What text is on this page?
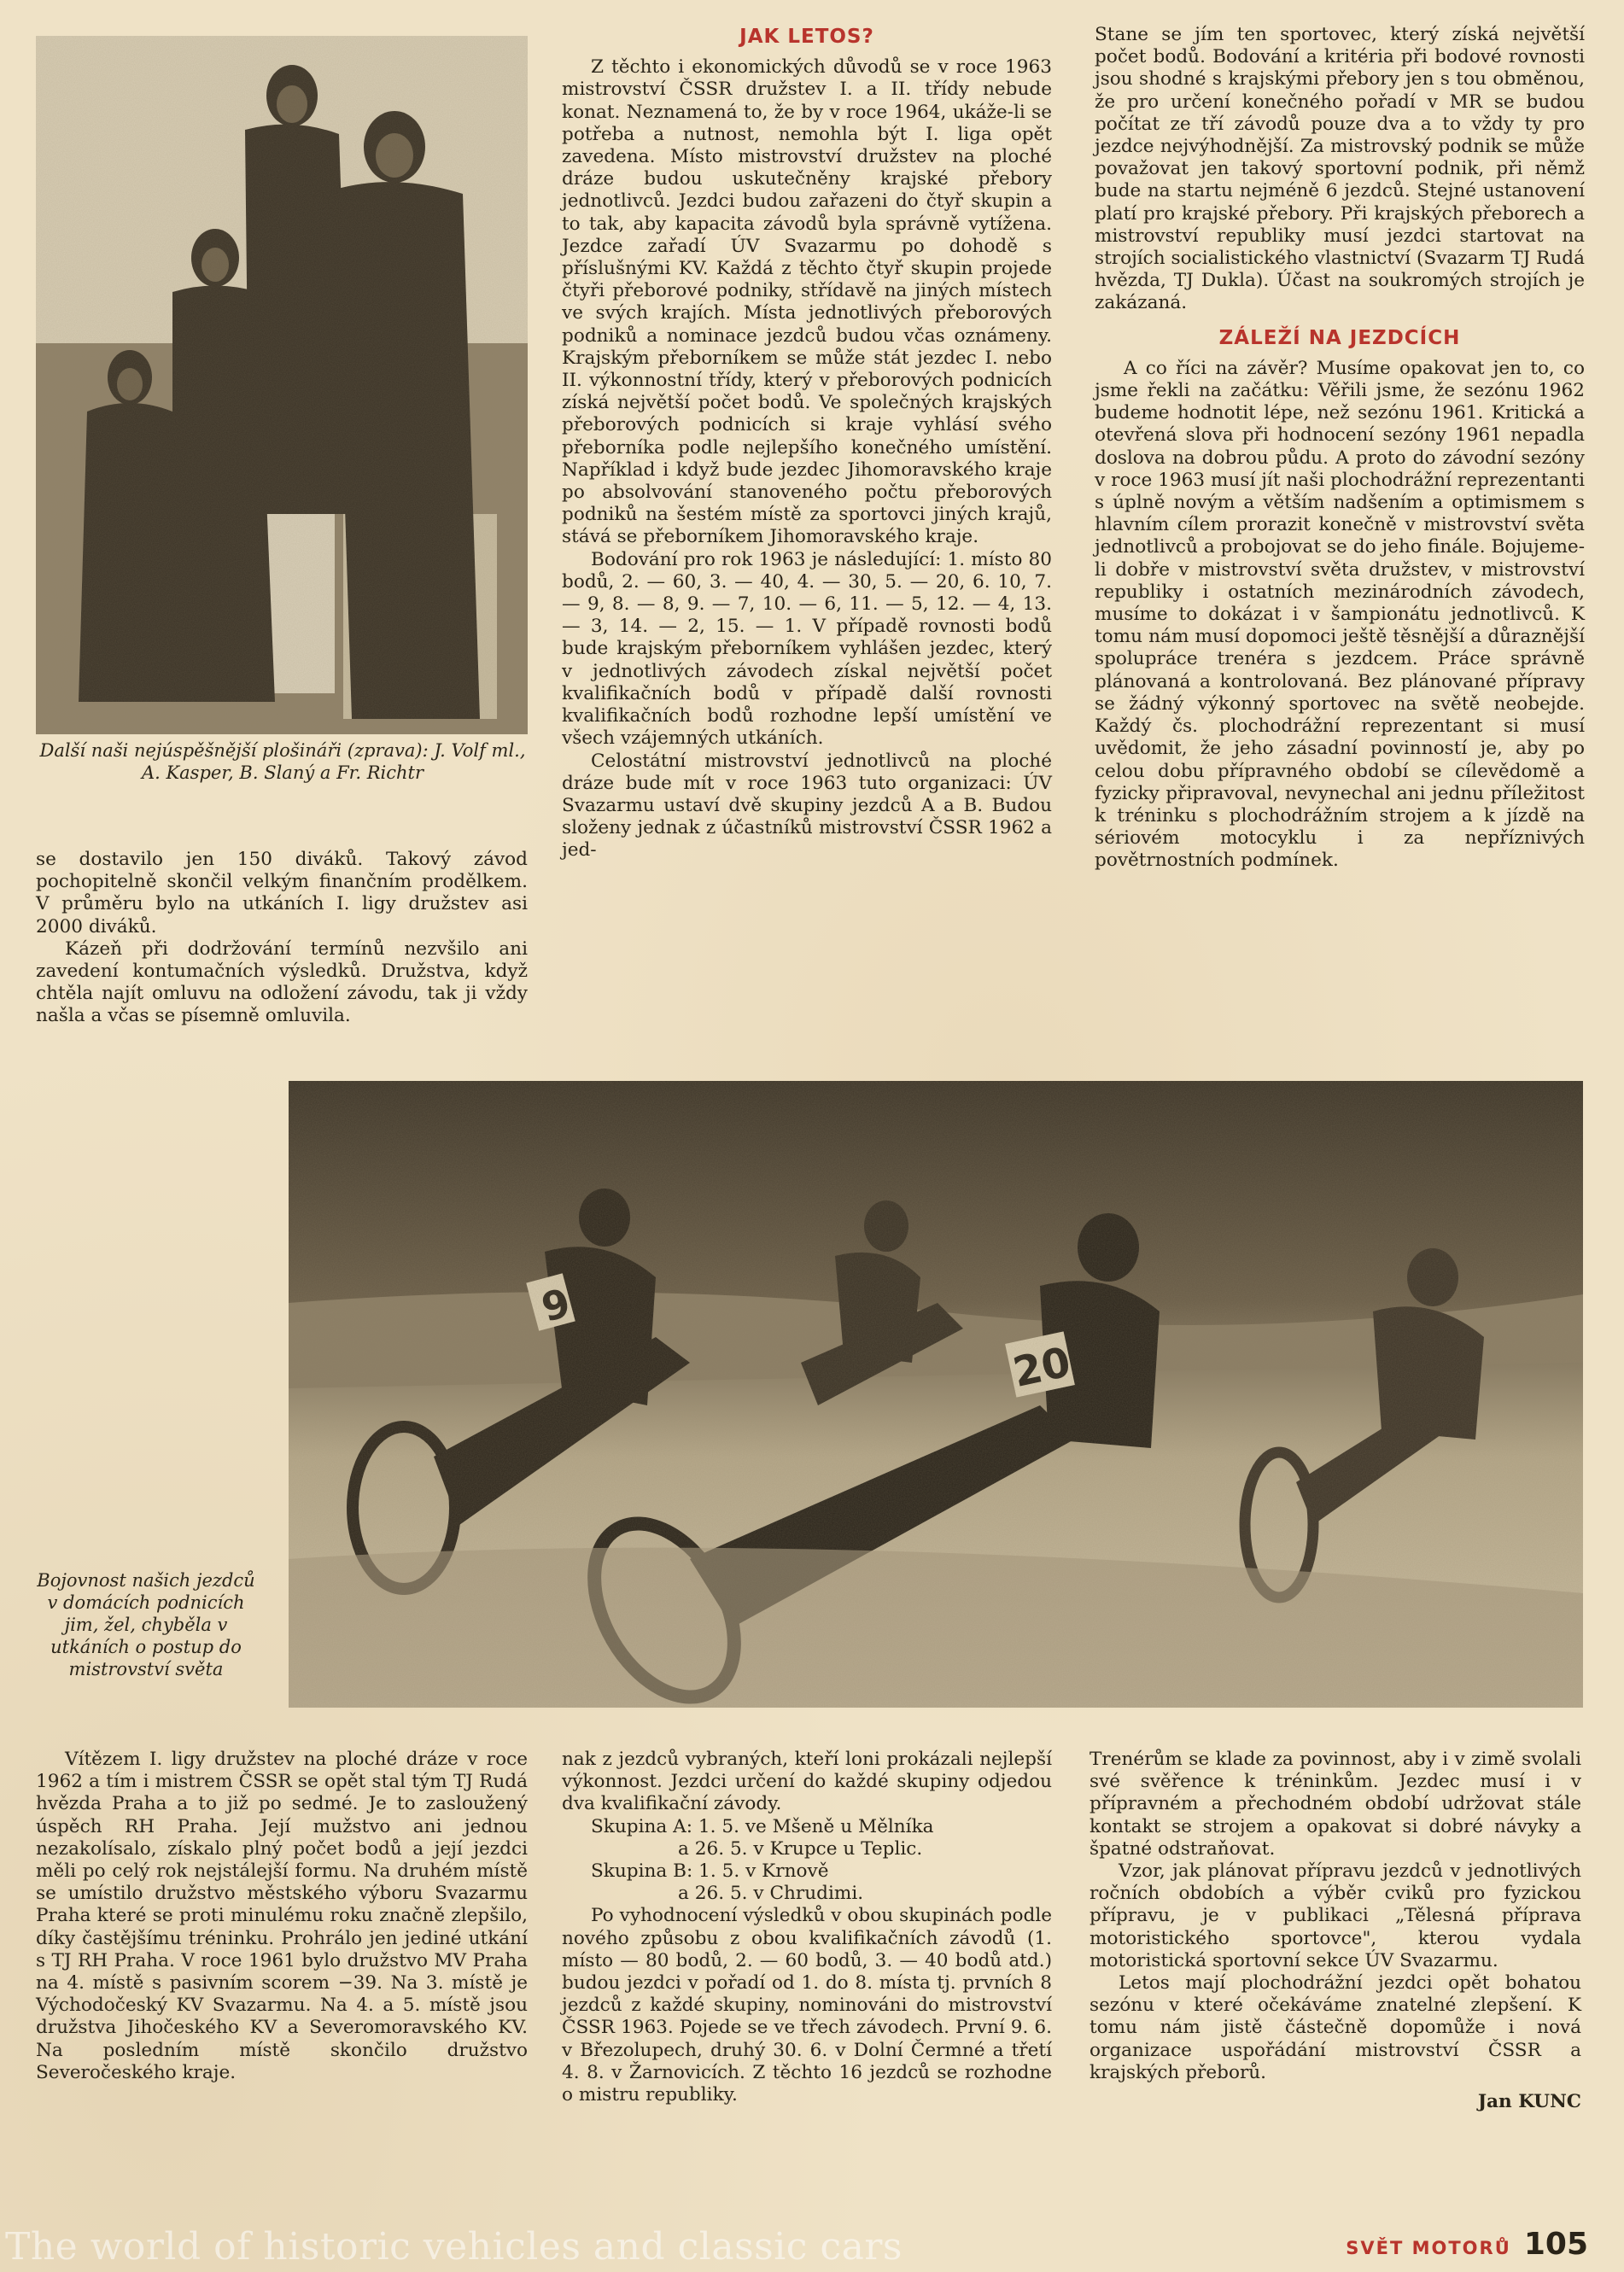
Další naši nejúspěšnější plošináři (zprava): J. Volf ml., A. Kasper, B. Slaný a Fr. Richtr

se dostavilo jen 150 diváků. Takový závod pochopitelně skončil velkým finančním prodělkem. V průměru bylo na utkáních I. ligy družstev asi 2000 diváků.

Kázeň při dodržování termínů nezvšilo ani zavedení kontumačních výsledků. Družstva, když chtěla najít omluvu na odložení závodu, tak ji vždy našla a včas se písemně omluvila.

JAK LETOS?

Z těchto i ekonomických důvodů se v roce 1963 mistrovství ČSSR družstev I. a II. třídy nebude konat. Neznamená to, že by v roce 1964, ukáže-li se potřeba a nutnost, nemohla být I. liga opět zavedena. Místo mistrovství družstev na ploché dráze budou uskutečněny krajské přebory jednotlivců. Jezdci budou zařazeni do čtyř skupin a to tak, aby kapacita závodů byla správně vytížena. Jezdce zařadí ÚV Svazarmu po dohodě s příslušnými KV. Každá z těchto čtyř skupin projede čtyři přeborové podniky, střídavě na jiných místech ve svých krajích. Místa jednotlivých přeborových podniků a nominace jezdců budou včas oznámeny. Krajským přeborníkem se může stát jezdec I. nebo II. výkonnostní třídy, který v přeborových podnicích získá největší počet bodů. Ve společných krajských přeborových podnicích si kraje vyhlásí svého přeborníka podle nejlepšího konečného umístění. Například i když bude jezdec Jihomoravského kraje po absolvování stanoveného počtu přeborových podniků na šestém místě za sportovci jiných krajů, stává se přeborníkem Jihomoravského kraje.

Bodování pro rok 1963 je následující: 1. místo 80 bodů, 2. — 60, 3. — 40, 4. — 30, 5. — 20, 6. 10, 7. — 9, 8. — 8, 9. — 7, 10. — 6, 11. — 5, 12. — 4, 13. — 3, 14. — 2, 15. — 1. V případě rovnosti bodů bude krajským přeborníkem vyhlášen jezdec, který v jednotlivých závodech získal největší počet kvalifikačních bodů v případě další rovnosti kvalifikačních bodů rozhodne lepší umístění ve všech vzájemných utkáních.

Celostátní mistrovství jednotlivců na ploché dráze bude mít v roce 1963 tuto organizaci: ÚV Svazarmu ustaví dvě skupiny jezdců A a B. Budou složeny jednak z účastníků mistrovství ČSSR 1962 a jed-

Stane se jím ten sportovec, který získá největší počet bodů. Bodování a kritéria při bodové rovnosti jsou shodné s krajskými přebory jen s tou obměnou, že pro určení konečného pořadí v MR se budou počítat ze tří závodů pouze dva a to vždy ty pro jezdce nejvýhodnější. Za mistrovský podnik se může považovat jen takový sportovní podnik, při němž bude na startu nejméně 6 jezdců. Stejné ustanovení platí pro krajské přebory. Při krajských přeborech a mistrovství republiky musí jezdci startovat na strojích socialistického vlastnictví (Svazarm TJ Rudá hvězda, TJ Dukla). Účast na soukromých strojích je zakázaná.

ZÁLEŽÍ NA JEZDCÍCH

A co říci na závěr? Musíme opakovat jen to, co jsme řekli na začátku: Věřili jsme, že sezónu 1962 budeme hodnotit lépe, než sezónu 1961. Kritická a otevřená slova při hodnocení sezóny 1961 nepadla doslova na dobrou půdu. A proto do závodní sezóny v roce 1963 musí jít naši plochodrážní reprezentanti s úplně novým a větším nadšením a optimismem s hlavním cílem prorazit konečně v mistrovství světa jednotlivců a probojovat se do jeho finále. Bojujeme-li dobře v mistrovství světa družstev, v mistrovství republiky i ostatních mezinárodních závodech, musíme to dokázat i v šampionátu jednotlivců. K tomu nám musí dopomoci ještě těsnější a důraznější spolupráce trenéra s jezdcem. Práce správně plánovaná a kontrolovaná. Bez plánované přípravy se žádný výkonný sportovec na světě neobejde. Každý čs. plochodrážní reprezentant si musí uvědomit, že jeho zásadní povinností je, aby po celou dobu přípravného období se cílevědomě a fyzicky připravoval, nevynechal ani jednu příležitost k tréninku s plochodrážním strojem a k jízdě na sériovém motocyklu i za nepříznivých povětrnostních podmínek.

Bojovnost našich jezdců v domácích podnicích jim, žel, chyběla v utkáních o postup do mistrovství světa

Vítězem I. ligy družstev na ploché dráze v roce 1962 a tím i mistrem ČSSR se opět stal tým TJ Rudá hvězda Praha a to již po sedmé. Je to zasloužený úspěch RH Praha. Její mužstvo ani jednou nezakolísalo, získalo plný počet bodů a její jezdci měli po celý rok nejstálejší formu. Na druhém místě se umístilo družstvo městského výboru Svazarmu Praha které se proti minulému roku značně zlepšilo, díky častějšímu tréninku. Prohrálo jen jediné utkání s TJ RH Praha. V roce 1961 bylo družstvo MV Praha na 4. místě s pasivním scorem −39. Na 3. místě je Východočeský KV Svazarmu. Na 4. a 5. místě jsou družstva Jihočeského KV a Severomoravského KV. Na posledním místě skončilo družstvo Severočeského kraje.

nak z jezdců vybraných, kteří loni prokázali nejlepší výkonnost. Jezdci určení do každé skupiny odjedou dva kvalifikační závody.

Skupina A: 1. 5. ve Mšeně u Mělníka

a 26. 5. v Krupce u Teplic.

Skupina B: 1. 5. v Krnově

a 26. 5. v Chrudimi.

Po vyhodnocení výsledků v obou skupinách podle nového způsobu z obou kvalifikačních závodů (1. místo — 80 bodů, 2. — 60 bodů, 3. — 40 bodů atd.) budou jezdci v pořadí od 1. do 8. místa tj. prvních 8 jezdců z každé skupiny, nominováni do mistrovství ČSSR 1963. Pojede se ve třech závodech. První 9. 6. v Březolupech, druhý 30. 6. v Dolní Čermné a třetí 4. 8. v Žarnovicích. Z těchto 16 jezdců se rozhodne o mistru republiky.

Trenérům se klade za povinnost, aby i v zimě svolali své svěřence k tréninkům. Jezdec musí i v přípravném a přechodném období udržovat stále kontakt se strojem a opakovat si dobré návyky a špatné odstraňovat.

Vzor, jak plánovat přípravu jezdců v jednotlivých ročních obdobích a výběr cviků pro fyzickou přípravu, je v publikaci „Tělesná příprava motoristického sportovce", kterou vydala motoristická sportovní sekce ÚV Svazarmu.

Letos mají plochodrážní jezdci opět bohatou sezónu v které očekáváme znatelné zlepšení. K tomu nám jistě částečně dopomůže i nová organizace uspořádání mistrovství ČSSR a krajských přeborů.

Jan KUNC
SVĚT MOTORŮ 105
The world of historic vehicles and classic cars
